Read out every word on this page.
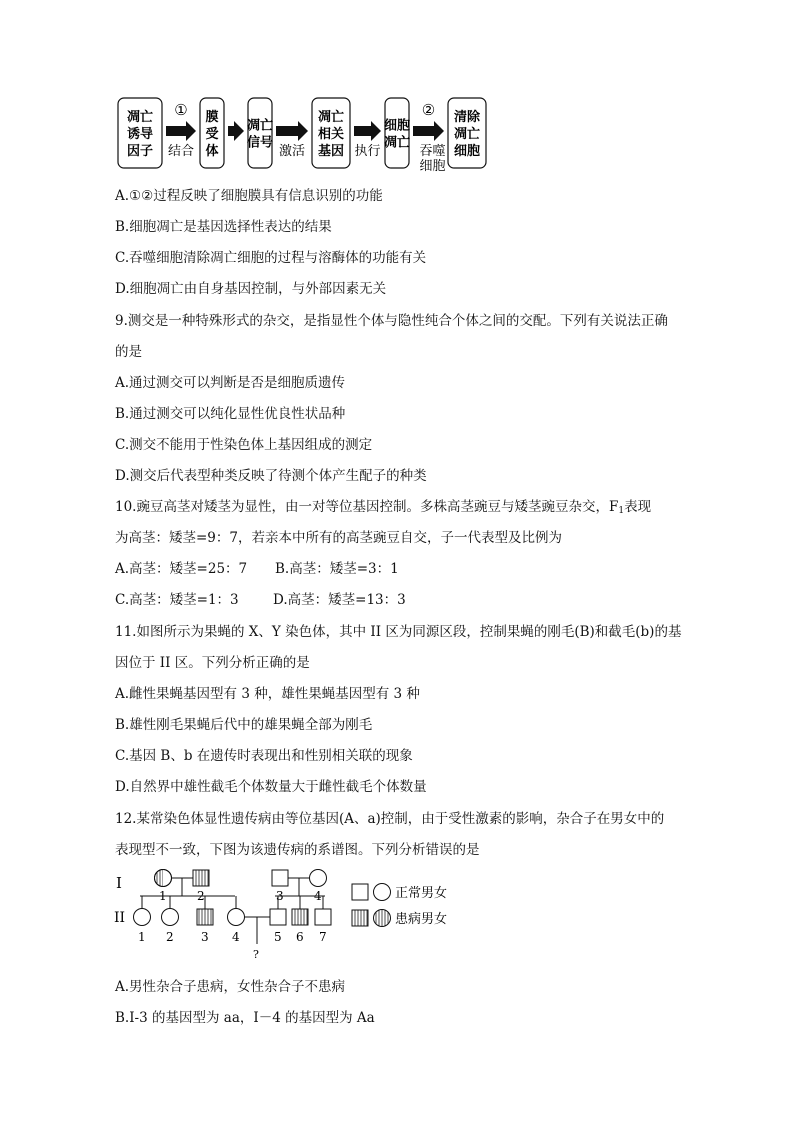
凋亡诱导因子
膜受体
凋亡信号
凋亡相关基因
细胞凋亡
清除凋亡细胞
①
结合	激活	执行
②
吞噬细胞
A.①②过程反映了细胞膜具有信息识别的功能
B.细胞凋亡是基因选择性表达的结果
C.吞噬细胞清除凋亡细胞的过程与溶酶体的功能有关
D.细胞凋亡由自身基因控制，与外部因素无关
9.测交是一种特殊形式的杂交，是指显性个体与隐性纯合个体之间的交配。下列有关说法正确
的是
A.通过测交可以判断是否是细胞质遗传
B.通过测交可以纯化显性优良性状品种
C.测交不能用于性染色体上基因组成的测定
D.测交后代表型种类反映了待测个体产生配子的种类
10.豌豆高茎对矮茎为显性，由一对等位基因控制。多株高茎豌豆与矮茎豌豆杂交，$F_1$表现
为高茎：矮茎=9：7，若亲本中所有的高茎豌豆自交，子一代表型及比例为
A.高茎：矮茎=25：7 B.高茎：矮茎=3：1
C.高茎：矮茎=1：3	D.高茎：矮茎=13：3
11.如图所示为果蝇的 X、Y 染色体，其中 II 区为同源区段，控制果蝇的刚毛(B)和截毛(b)的基
因位于 II 区。下列分析正确的是
A.雌性果蝇基因型有 3 种，雄性果蝇基因型有 3 种
B.雄性刚毛果蝇后代中的雄果蝇全部为刚毛
C.基因 B、b 在遗传时表现出和性别相关联的现象
D.自然界中雄性截毛个体数量大于雌性截毛个体数量
12.某常染色体显性遗传病由等位基因(A、a)控制，由于受性激素的影响，杂合子在男女中的
表现型不一致，下图为该遗传病的系谱图。下列分析错误的是
I
II
1	2	3	4
?
1 2 3 4	5 6 7
正常男女
患病男女
A.男性杂合子患病，女性杂合子不患病
B.I-3 的基因型为 aa，I－4 的基因型为 Aa
